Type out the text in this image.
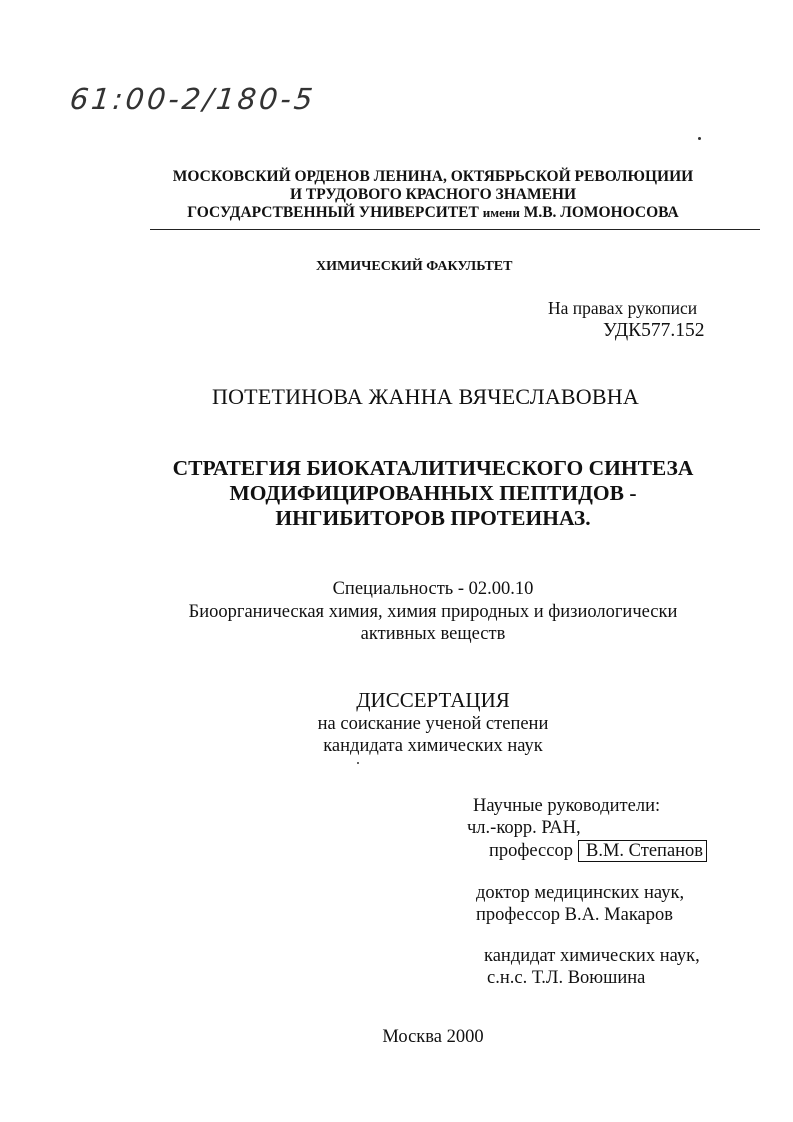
61:00-2/180-5
МОСКОВСКИЙ ОРДЕНОВ ЛЕНИНА, ОКТЯБРЬСКОЙ РЕВОЛЮЦИИИ
И ТРУДОВОГО КРАСНОГО ЗНАМЕНИ
ГОСУДАРСТВЕННЫЙ УНИВЕРСИТЕТ имени М.В. ЛОМОНОСОВА
ХИМИЧЕСКИЙ ФАКУЛЬТЕТ
На правах рукописи
УДК577.152
ПОТЕТИНОВА ЖАННА ВЯЧЕСЛАВОВНА
СТРАТЕГИЯ БИОКАТАЛИТИЧЕСКОГО СИНТЕЗА
МОДИФИЦИРОВАННЫХ ПЕПТИДОВ -
ИНГИБИТОРОВ ПРОТЕИНАЗ.
Специальность - 02.00.10
Биоорганическая химия, химия природных и физиологически
активных веществ
ДИССЕРТАЦИЯ
на соискание ученой степени
кандидата химических наук
Научные руководители:
чл.-корр. РАН,
профессор В.М. Степанов
доктор медицинских наук,
профессор В.А. Макаров
кандидат химических наук,
с.н.с. Т.Л. Воюшина
Москва 2000
